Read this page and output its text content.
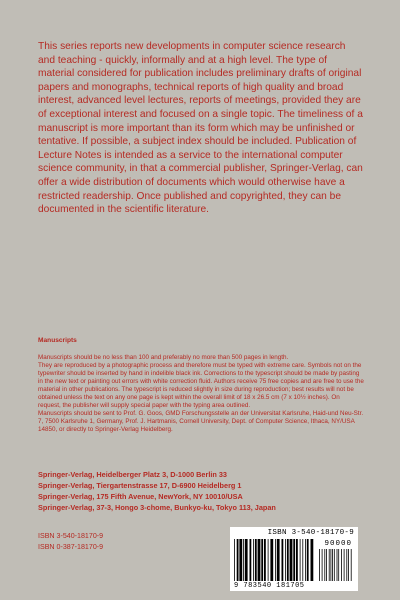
This series reports new developments in computer science research and teaching - quickly, informally and at a high level. The type of material considered for publication includes preliminary drafts of original papers and monographs, technical reports of high quality and broad interest, advanced level lectures, reports of meetings, provided they are of exceptional interest and focused on a single topic. The timeliness of a manuscript is more important than its form which may be unfinished or tentative. If possible, a subject index should be included. Publication of Lecture Notes is intended as a service to the international computer science community, in that a commercial publisher, Springer-Verlag, can offer a wide distribution of documents which would otherwise have a restricted readership. Once published and copyrighted, they can be documented in the scientific literature.

Manuscripts

Manuscripts should be no less than 100 and preferably no more than 500 pages in length.

They are reproduced by a photographic process and therefore must be typed with extreme care. Symbols not on the typewriter should be inserted by hand in indelible black ink. Corrections to the typescript should be made by pasting in the new text or painting out errors with white correction fluid. Authors receive 75 free copies and are free to use the material in other publications. The typescript is reduced slightly in size during reproduction; best results will not be obtained unless the text on any one page is kept within the overall limit of 18 x 26.5 cm (7 x 10½ inches). On request, the publisher will supply special paper with the typing area outlined.

Manuscripts should be sent to Prof. G. Goos, GMD Forschungsstelle an der Universitat Karlsruhe, Haid-und Neu-Str. 7, 7500 Karlsruhe 1, Germany, Prof. J. Hartmanis, Cornell University, Dept. of Computer Science, Ithaca, NY/USA 14850, or directly to Springer-Verlag Heidelberg.

Springer-Verlag, Heidelberger Platz 3, D-1000 Berlin 33
Springer-Verlag, Tiergartenstrasse 17, D-6900 Heidelberg 1
Springer-Verlag, 175 Fifth Avenue, NewYork, NY 10010/USA
Springer-Verlag, 37-3, Hongo 3-chome, Bunkyo-ku, Tokyo 113, Japan
ISBN 3-540-18170-9
ISBN 0-387-18170-9
ISBN 3-540-18170-9
90000
9 783540 181705
